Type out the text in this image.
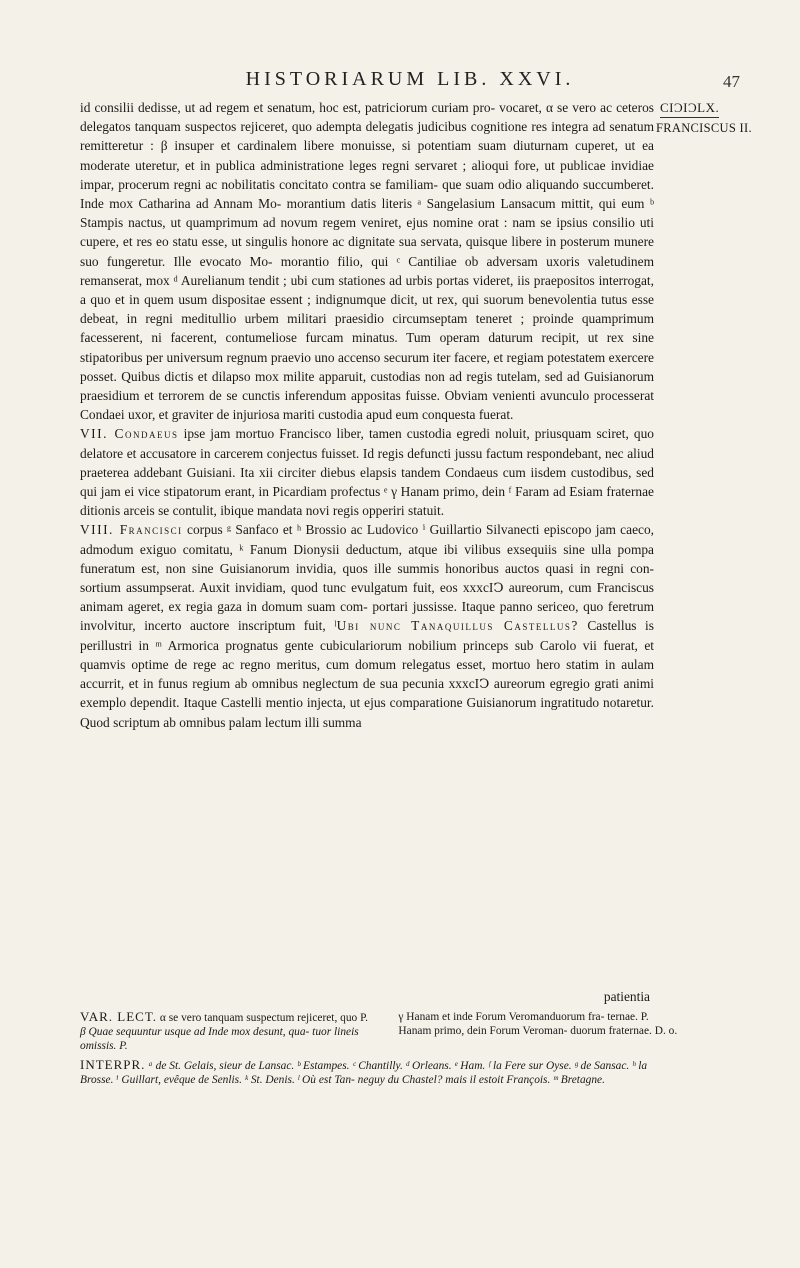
HISTORIARUM LIB. XXVI.	47
CIƆIƆLX.
FRANCISCUS II.

id consilii dedisse, ut ad regem et senatum, hoc est, patriciorum curiam pro- vocaret, α se vero ac ceteros delegatos tanquam suspectos rejiceret, quo adempta delegatis judicibus cognitione res integra ad senatum remitteretur : β insuper et cardinalem libere monuisse, si potentiam suam diuturnam cuperet, ut ea moderate uteretur, et in publica administratione leges regni servaret ; alioqui fore, ut publicae invidiae impar, procerum regni ac nobilitatis concitato contra se familiam- que suam odio aliquando succumberet. Inde mox Catharina ad Annam Mo- morantium datis literis ᵃ Sangelasium Lansacum mittit, qui eum ᵇ Stampis nactus, ut quamprimum ad novum regem veniret, ejus nomine orat : nam se ipsius consilio uti cupere, et res eo statu esse, ut singulis honore ac dignitate sua servata, quisque libere in posterum munere suo fungeretur. Ille evocato Mo- morantio filio, qui ᶜ Cantiliae ob adversam uxoris valetudinem remanserat, mox ᵈ Aurelianum tendit ; ubi cum stationes ad urbis portas videret, iis praepositos interrogat, a quo et in quem usum dispositae essent ; indignumque dicit, ut rex, qui suorum benevolentia tutus esse debeat, in regni meditullio urbem militari praesidio circumseptam teneret ; proinde quamprimum facesserent, ni facerent, contumeliose furcam minatus. Tum operam daturum recipit, ut rex sine stipatoribus per universum regnum praevio uno accenso securum iter facere, et regiam potestatem exercere posset. Quibus dictis et dilapso mox milite apparuit, custodias non ad regis tutelam, sed ad Guisianorum praesidium et terrorem de se cunctis inferendum appositas fuisse. Obviam venienti avunculo processerat Condaei uxor, et graviter de injuriosa mariti custodia apud eum conquesta fuerat.

VII. Condaeus ipse jam mortuo Francisco liber, tamen custodia egredi noluit, priusquam sciret, quo delatore et accusatore in carcerem conjectus fuisset. Id regis defuncti jussu factum respondebant, nec aliud praeterea addebant Guisiani. Ita xii circiter diebus elapsis tandem Condaeus cum iisdem custodibus, sed qui jam ei vice stipatorum erant, in Picardiam profectus ᵉ γ Hanam primo, dein ᶠ Faram ad Esiam fraternae ditionis arceis se contulit, ibique mandata novi regis opperiri statuit.

VIII. Francisci corpus ᵍ Sanfaco et ʰ Brossio ac Ludovico ⁱ Guillartio Silvanecti episcopo jam caeco, admodum exiguo comitatu, ᵏ Fanum Dionysii deductum, atque ibi vilibus exsequiis sine ulla pompa funeratum est, non sine Guisianorum invidia, quos ille summis honoribus auctos quasi in regni con- sortium assumpserat. Auxit invidiam, quod tunc evulgatum fuit, eos xxxcIↃ aureorum, cum Franciscus animam ageret, ex regia gaza in domum suam com- portari jussisse. Itaque panno sericeo, quo feretrum involvitur, incerto auctore inscriptum fuit, ˡUbi nunc Tanaquillus Castellus? Castellus is perillustri in ᵐ Armorica prognatus gente cubiculariorum nobilium princeps sub Carolo vii fuerat, et quamvis optime de rege ac regno meritus, cum domum relegatus esset, mortuo hero statim in aulam accurrit, et in funus regium ab omnibus neglectum de sua pecunia xxxcIↃ aureorum egregio grati animi exemplo dependit. Itaque Castelli mentio injecta, ut ejus comparatione Guisianorum ingratitudo notaretur. Quod scriptum ab omnibus palam lectum illi summa

patientia
VAR. LECT. α se vero tanquam suspectum rejiceret, quo P.
β Quae sequuntur usque ad Inde mox desunt, qua- tuor lineis omissis. P.
γ Hanam et inde Forum Veromanduorum fra- ternae. P. Hanam primo, dein Forum Veroman- duorum fraternae. D. o.
INTERPR. ᵃ de St. Gelais, sieur de Lansac. ᵇ Estampes. ᶜ Chantilly. ᵈ Orleans. ᵉ Ham. ᶠ la Fere sur Oyse. ᵍ de Sansac. ʰ la Brosse. ⁱ Guillart, evêque de Senlis. ᵏ St. Denis. ˡ Où est Tan- neguy du Chastel? mais il estoit François. ᵐ Bretagne.
